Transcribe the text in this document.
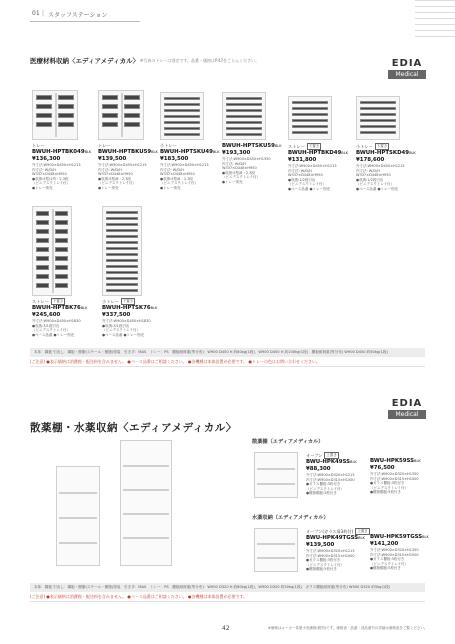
01 | スタッフステーション
医療材料収納〈エディアメディカル〉 ※写真のトレーは別売です。品番・価格はP.47をごらんください。	EDIA
Medical
トレー
BWUH-HPTBK049BLK
¥136,300
外寸法:W900×D450×H1215
内寸法: W/D/H
W337×D448×H950
●収納:S型/1列・2,3段
（ビニデスクトレイ付）
●トレー別売
トレー
BWUH-HPTBKU59BLK
¥139,500
外寸法:W900×D450×H1215
内寸法: W/D/H
W337×D448×H950
●収納:S型/8・2,3段
（ビニデスクトレイ付）
●トレー別売
小トレー
BWUH-HPTSKU49BLK
¥183,500
外寸法:W900×D450×H1215
内寸法: W/D/H
W337×D448×H950
●収納:S型/8・2,3段
（ビニデスクトレイ付）
●トレー別売
BWUH-HPTSKU59BLK
¥193,300
外寸法:W900×D450×H1350
内寸法: W/D/H
W337×D448×H950
●収納:S型/8・2,3段
（ビニデスクトレイ付）
●トレー別売
ストレー	下置き
BWUH-HPTBKD49BLK
¥131,800
外寸法:W900×D450×H1215
内寸法: W/D/H
W337×D448×H950
●収納:1/2段引出
（ビニデスクトレイ付）
●ベース品番 ●トレー別売
小トレー	下置き
BWUH-HPTSKD49BLK
¥178,600
外寸法:W900×D450×H1215
内寸法: W/D/H
W337×D448×H950
●収納:1/2段引出
（ビニデスクトレイ付）
●ベース品番 ●トレー別売
ストレー	下置き
BWUH-HPTBK76BLK
¥245,600
外寸法:W900×D450×H1830
●収納:3/1段引出
（ビニデスクトレイ付）
●ベース品番 ●トレー別売
小トレー	下置き
BWUH-HPTSK76BLK
¥337,500
外寸法:W900×D450×H1830
●収納:3/1段引出
（ビニデスクトレイ付）
●ベース品番 ●トレー別売
本体：鋼板 引出し：鋼板・樹脂(スチール・樹脂)塗装　引き手：MAS　トレー：PS　棚板耐荷重(等分布)：W900 D450 H 約80kg(1段)、W900 D450 H 約100kg(1段)　棚板耐荷重(等分布) W900 D450 約50kg(1段)
(ご注意) ●表示価格は消費税・配送料を含みません。 ●ベース品番はご相談ください。 ●各機種は本体設置が必要です。 ●トレーの色はお問い合わせください。
散薬棚・水薬収納〈エディアメディカル〉
EDIA
Medical
散薬棚（エディアメディカル）
水薬収納（エディアメディカル）
オープン	上置き
BWU-HPK49SSBLK
¥88,300
外寸法:W900×D320×H1215
内寸法:W900×D315×H1000
●ガラス棚板:3枚付き
（ビニデスクトレイ付）
●樹脂棚板:5枚付き
BWU-HPK59SSBLK
¥76,500
外寸法:W900×D320×H1350
内寸法:W900×D315×H1000
●ガラス棚板:3枚付き
（ビニデスクトレイ付）
●樹脂棚板:5枚付き
オープン(ガラス扉3枚付)	上置き
BWU-HPK49TGSSBLK
¥139,500
外寸法:W900×D320×H1215
内寸法:W900×D315×H1000
●ガラス棚板:3枚付き
（ビニデスクトレイ付）
●樹脂棚板:5枚付き
BWU-HPK59TGSSBLK
¥141,200
外寸法:W900×D320×H1350
内寸法:W900×D315×H1000
●ガラス棚板:3枚付き
（ビニデスクトレイ付）
●樹脂棚板:5枚付き
本体：鋼板 引出し：鋼板・樹脂(スチール・樹脂)塗装　引き手：MAS　トレー：PS　棚板耐荷重(等分布)：W900 D320 H 約80kg(1段)、W900 D320 約50kg(1段)　ガラス棚板耐荷重(等分布) W900 D320 約5kg(1段)
(ご注意) ●表示価格は消費税・配送料を含みません。 ●ベース品番はご相談ください。 ●各機種は本体設置が必要です。
42	※価格はメーカー希望小売価格(税別)です。価格表・品番・部品番号の詳細は価格表をご覧ください。
